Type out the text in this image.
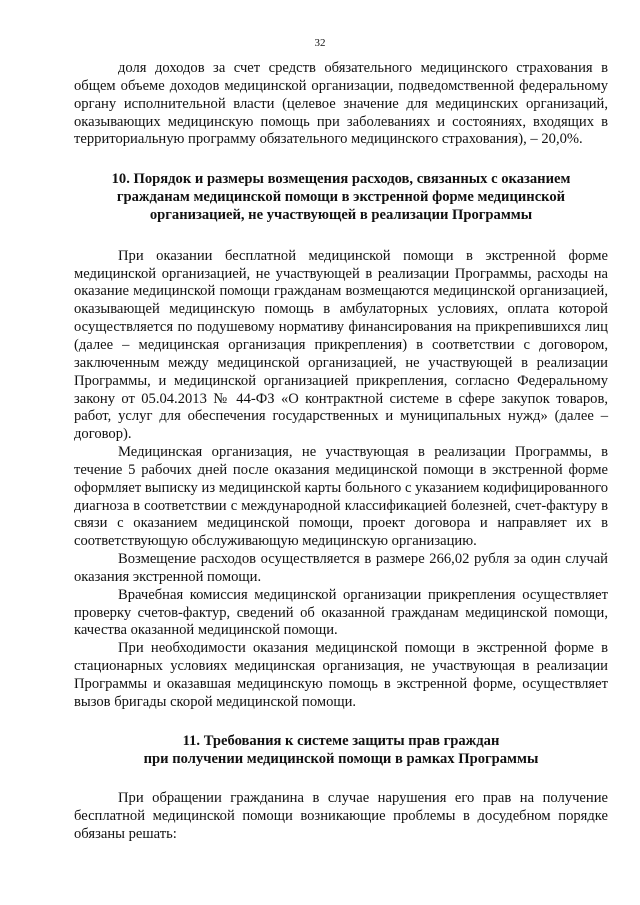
32

доля доходов за счет средств обязательного медицинского страхования в общем объеме доходов медицинской организации, подведомственной федеральному органу исполнительной власти (целевое значение для медицинских организаций, оказывающих медицинскую помощь при заболеваниях и состояниях, входящих в территориальную программу обязательного медицинского страхования), – 20,0%.

10. Порядок и размеры возмещения расходов, связанных с оказанием гражданам медицинской помощи в экстренной форме медицинской организацией, не участвующей в реализации Программы

При оказании бесплатной медицинской помощи в экстренной форме медицинской организацией, не участвующей в реализации Программы, расходы на оказание медицинской помощи гражданам возмещаются медицинской организацией, оказывающей медицинскую помощь в амбулаторных условиях, оплата которой осуществляется по подушевому нормативу финансирования на прикрепившихся лиц (далее – медицинская организация прикрепления) в соответствии с договором, заключенным между медицинской организацией, не участвующей в реализации Программы, и медицинской организацией прикрепления, согласно Федеральному закону от 05.04.2013 № 44-ФЗ «О контрактной системе в сфере закупок товаров, работ, услуг для обеспечения государственных и муниципальных нужд» (далее – договор).

Медицинская организация, не участвующая в реализации Программы, в течение 5 рабочих дней после оказания медицинской помощи в экстренной форме оформляет выписку из медицинской карты больного с указанием кодифицированного диагноза в соответствии с международной классификацией болезней, счет-фактуру в связи с оказанием медицинской помощи, проект договора и направляет их в соответствующую обслуживающую медицинскую организацию.

Возмещение расходов осуществляется в размере 266,02 рубля за один случай оказания экстренной помощи.

Врачебная комиссия медицинской организации прикрепления осуществляет проверку счетов-фактур, сведений об оказанной гражданам медицинской помощи, качества оказанной медицинской помощи.

При необходимости оказания медицинской помощи в экстренной форме в стационарных условиях медицинская организация, не участвующая в реализации Программы и оказавшая медицинскую помощь в экстренной форме, осуществляет вызов бригады скорой медицинской помощи.

11. Требования к системе защиты прав граждан
при получении медицинской помощи в рамках Программы

При обращении гражданина в случае нарушения его прав на получение бесплатной медицинской помощи возникающие проблемы в досудебном порядке обязаны решать:
